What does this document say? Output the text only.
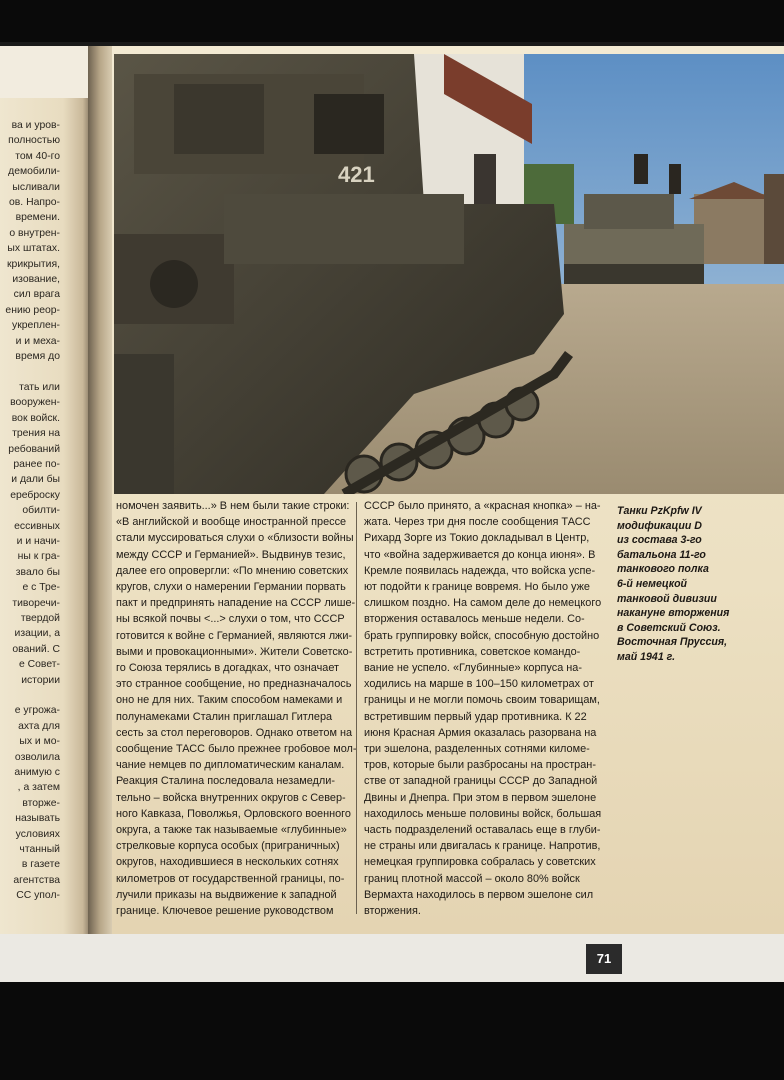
ва и уров-
полностью
том 40-го
демобили-
ысливали
ов. Напро-
времени.
о внутрен-
ых штатах.
крикрытия,
изование,
сил врага
ению реор-
укреплен-
и и меха-
время до
тать или
вооружен-
вок войск.
трения на
ребований
ранее по-
и дали бы
ереброску
обилти-
ессивных
и и начи-
ны к гра-
звало бы
е с Тре-
тиворечи-
твердой
изации, а
ований. С
е Совет-
истории
е угрожа-
ахта для
ых и мо-
озволила
анимую с
, а затем
вторже-
называть
условиях
чтанный
в газете
агентства
СС упол-
421
номочен заявить...» В нем были такие строки:
«В английской и вообще иностранной прессе
стали муссироваться слухи о «близости войны
между СССР и Германией». Выдвинув тезис,
далее его опровергли: «По мнению советских
кругов, слухи о намерении Германии порвать
пакт и предпринять нападение на СССР лише-
ны всякой почвы <...> слухи о том, что СССР
готовится к войне с Германией, являются лжи-
выми и провокационными». Жители Советско-
го Союза терялись в догадках, что означает
это странное сообщение, но предназначалось
оно не для них. Таким способом намеками и
полунамеками Сталин приглашал Гитлера
сесть за стол переговоров. Однако ответом на
сообщение ТАСС было прежнее гробовое мол-
чание немцев по дипломатическим каналам.
Реакция Сталина последовала незамедли-
тельно – войска внутренних округов с Север-
ного Кавказа, Поволжья, Орловского военного
округа, а также так называемые «глубинные»
стрелковые корпуса особых (приграничных)
округов, находившиеся в нескольких сотнях
километров от государственной границы, по-
лучили приказы на выдвижение к западной
границе. Ключевое решение руководством
СССР было принято, а «красная кнопка» – на-
жата. Через три дня после сообщения ТАСС
Рихард Зорге из Токио докладывал в Центр,
что «война задерживается до конца июня». В
Кремле появилась надежда, что войска успе-
ют подойти к границе вовремя. Но было уже
слишком поздно. На самом деле до немецкого
вторжения оставалось меньше недели. Со-
брать группировку войск, способную достойно
встретить противника, советское командо-
вание не успело. «Глубинные» корпуса на-
ходились на марше в 100–150 километрах от
границы и не могли помочь своим товарищам,
встретившим первый удар противника. К 22
июня Красная Армия оказалась разорвана на
три эшелона, разделенных сотнями киломе-
тров, которые были разбросаны на простран-
стве от западной границы СССР до Западной
Двины и Днепра. При этом в первом эшелоне
находилось меньше половины войск, большая
часть подразделений оставалась еще в глуби-
не страны или двигалась к границе. Напротив,
немецкая группировка собралась у советских
границ плотной массой – около 80% войск
Вермахта находилось в первом эшелоне сил
вторжения.
Танки PzKpfw IV
модификации D
из состава 3-го
батальона 11-го
танкового полка
6-й немецкой
танковой дивизии
накануне вторжения
в Советский Союз.
Восточная Пруссия,
май 1941 г.
71
